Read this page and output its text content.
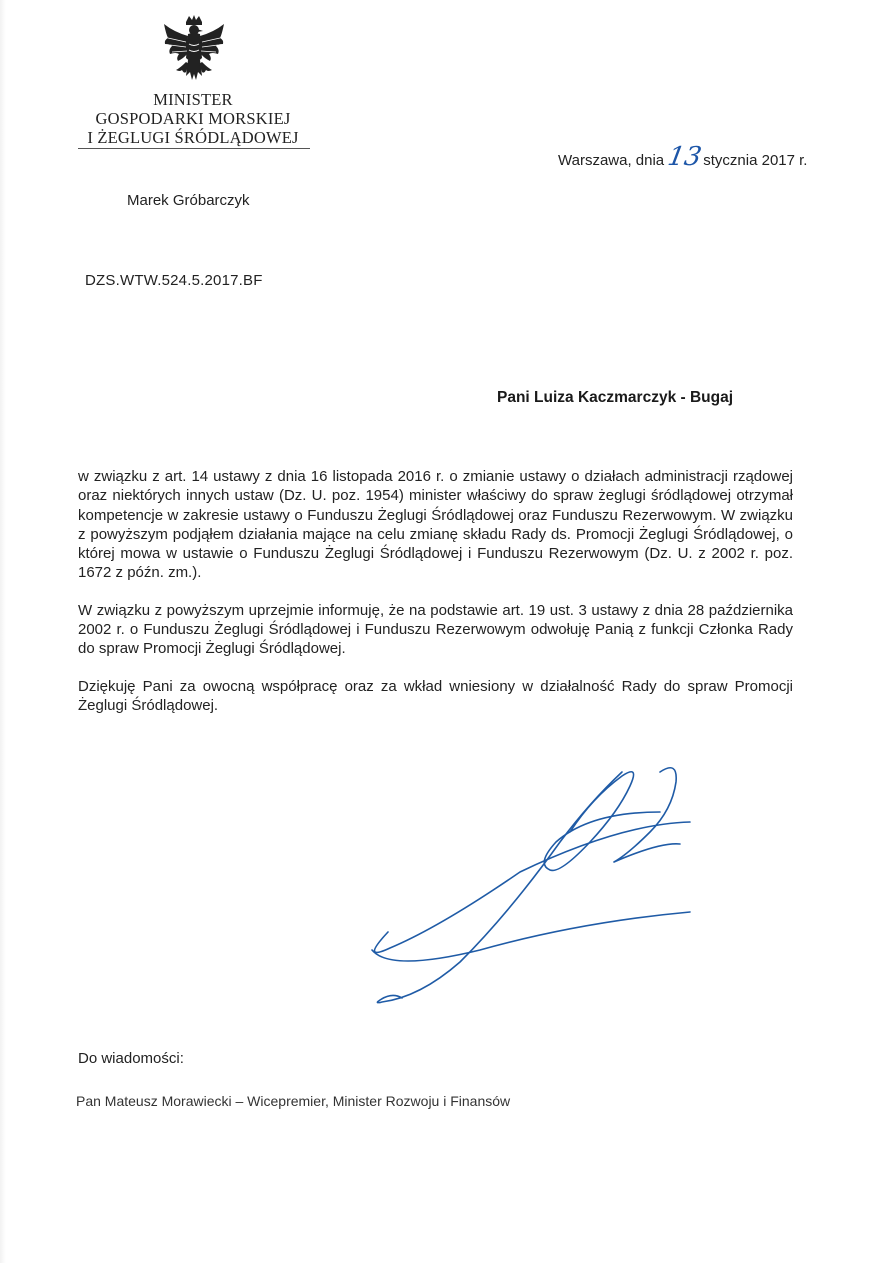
MINISTER
GOSPODARKI MORSKIEJ
I ŻEGLUGI ŚRÓDLĄDOWEJ
Warszawa, dnia13stycznia 2017 r.
Marek Gróbarczyk
DZS.WTW.524.5.2017.BF
Pani Luiza Kaczmarczyk - Bugaj

w związku z art. 14 ustawy z dnia 16 listopada 2016 r. o zmianie ustawy o działach administracji rządowej oraz niektórych innych ustaw (Dz. U. poz. 1954) minister właściwy do spraw żeglugi śródlądowej otrzymał kompetencje w zakresie ustawy o Funduszu Żeglugi Śródlądowej oraz Funduszu Rezerwowym. W związku z powyższym podjąłem działania mające na celu zmianę składu Rady ds. Promocji Żeglugi Śródlądowej, o której mowa w ustawie o Funduszu Żeglugi Śródlądowej i Funduszu Rezerwowym (Dz. U. z 2002 r. poz. 1672 z późn. zm.).

W związku z powyższym uprzejmie informuję, że na podstawie art. 19 ust. 3 ustawy z dnia 28 października 2002 r. o Funduszu Żeglugi Śródlądowej i Funduszu Rezerwowym odwołuję Panią z funkcji Członka Rady do spraw Promocji Żeglugi Śródlądowej.

Dziękuję Pani za owocną współpracę oraz za wkład wniesiony w działalność Rady do spraw Promocji Żeglugi Śródlądowej.

Do wiadomości:
Pan Mateusz Morawiecki – Wicepremier, Minister Rozwoju i Finansów
